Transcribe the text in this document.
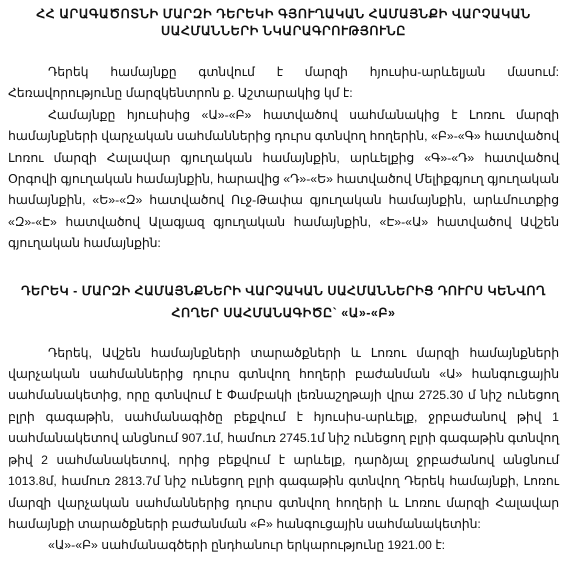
ՀՀ ԱՐԱԳԱԾՈՏՆԻ ՄԱՐԶԻ ԴԵՐԵԿԻ ԳՅՈՒՂԱԿԱՆ ՀԱՄԱՅՆՔԻ ՎԱՐՉԱԿԱՆ
ՍԱՀՄԱՆՆԵՐԻ ՆԿԱՐԱԳՐՈՒԹՅՈՒՆԸ

Դերեկ համայնքը գտնվում է մարզի հյուսիս-արևելյան մասում: Հեռավորությունը մարզկենտրոն ք. Աշտարակից կմ է:

Համայնքը հյուսիսից «Ա»-«Բ» հատվածով սահմանակից է Լոռու մարզի համայնքների վարչական սահմաններից դուրս գտնվող հողերին, «Բ»-«Գ» հատվածով Լոռու մարզի Հալավար գյուղական համայնքին, արևելքից «Գ»-«Դ» հատվածով Օրգովի գյուղական համայնքին, հարավից «Դ»-«Ե» հատվածով Մելիքգյուղ գյուղական համայնքին, «Ե»-«Զ» հատվածով Ուջ-Թափա գյուղական համայնքին, արևմուտքից «Զ»-«Է» հատվածով Ալագյազ գյուղական համայնքին, «Է»-«Ա» հատվածով Ավշեն գյուղական համայնքին:

ԴԵՐԵԿ - ՄԱՐԶԻ ՀԱՄԱՅՆՔՆԵՐԻ ՎԱՐՉԱԿԱՆ ՍԱՀՄԱՆՆԵՐԻՑ ԴՈՒՐՍ ԿԵՆՎՈՂ
ՀՈՂԵՐ ՍԱՀՄԱՆԱԳԻԾԸ` «Ա»-«Բ»

Դերեկ, Ավշեն համայնքների տարածքների և Լոռու մարզի համայնքների վարչական սահմաններից դուրս գտնվող հողերի բաժանման «Ա» հանգուցային սահմանակետից, որը գտնվում է Փամբակի լեռնաշղթայի վրա 2725.30 մ նիշ ունեցող բլրի գագաթին, սահմանագիծը բեքվում է հյուսիս-արևելք, ջրբաժանով թիվ 1 սահմանակետով անցնում 907.1մ, համուռ 2745.1մ նիշ ունեցող բլրի գագաթին գտնվող թիվ 2 սահմանակետով, որից բեքվում է արևելք, դարձյալ ջրբաժանով անցնում 1013.8մ, համուռ 2813.7մ նիշ ունեցող բլրի գագաթին գտնվող Դերեկ համայնքի, Լոռու մարզի վարչական սահմաններից դուրս գտնվող հողերի և Լոռու մարզի Հալավար համայնքի տարածքների բաժանման «Բ» հանգուցային սահմանակետին:

«Ա»-«Բ» սահմանագծերի ընդհանուր երկարությունը 1921.00 է:
